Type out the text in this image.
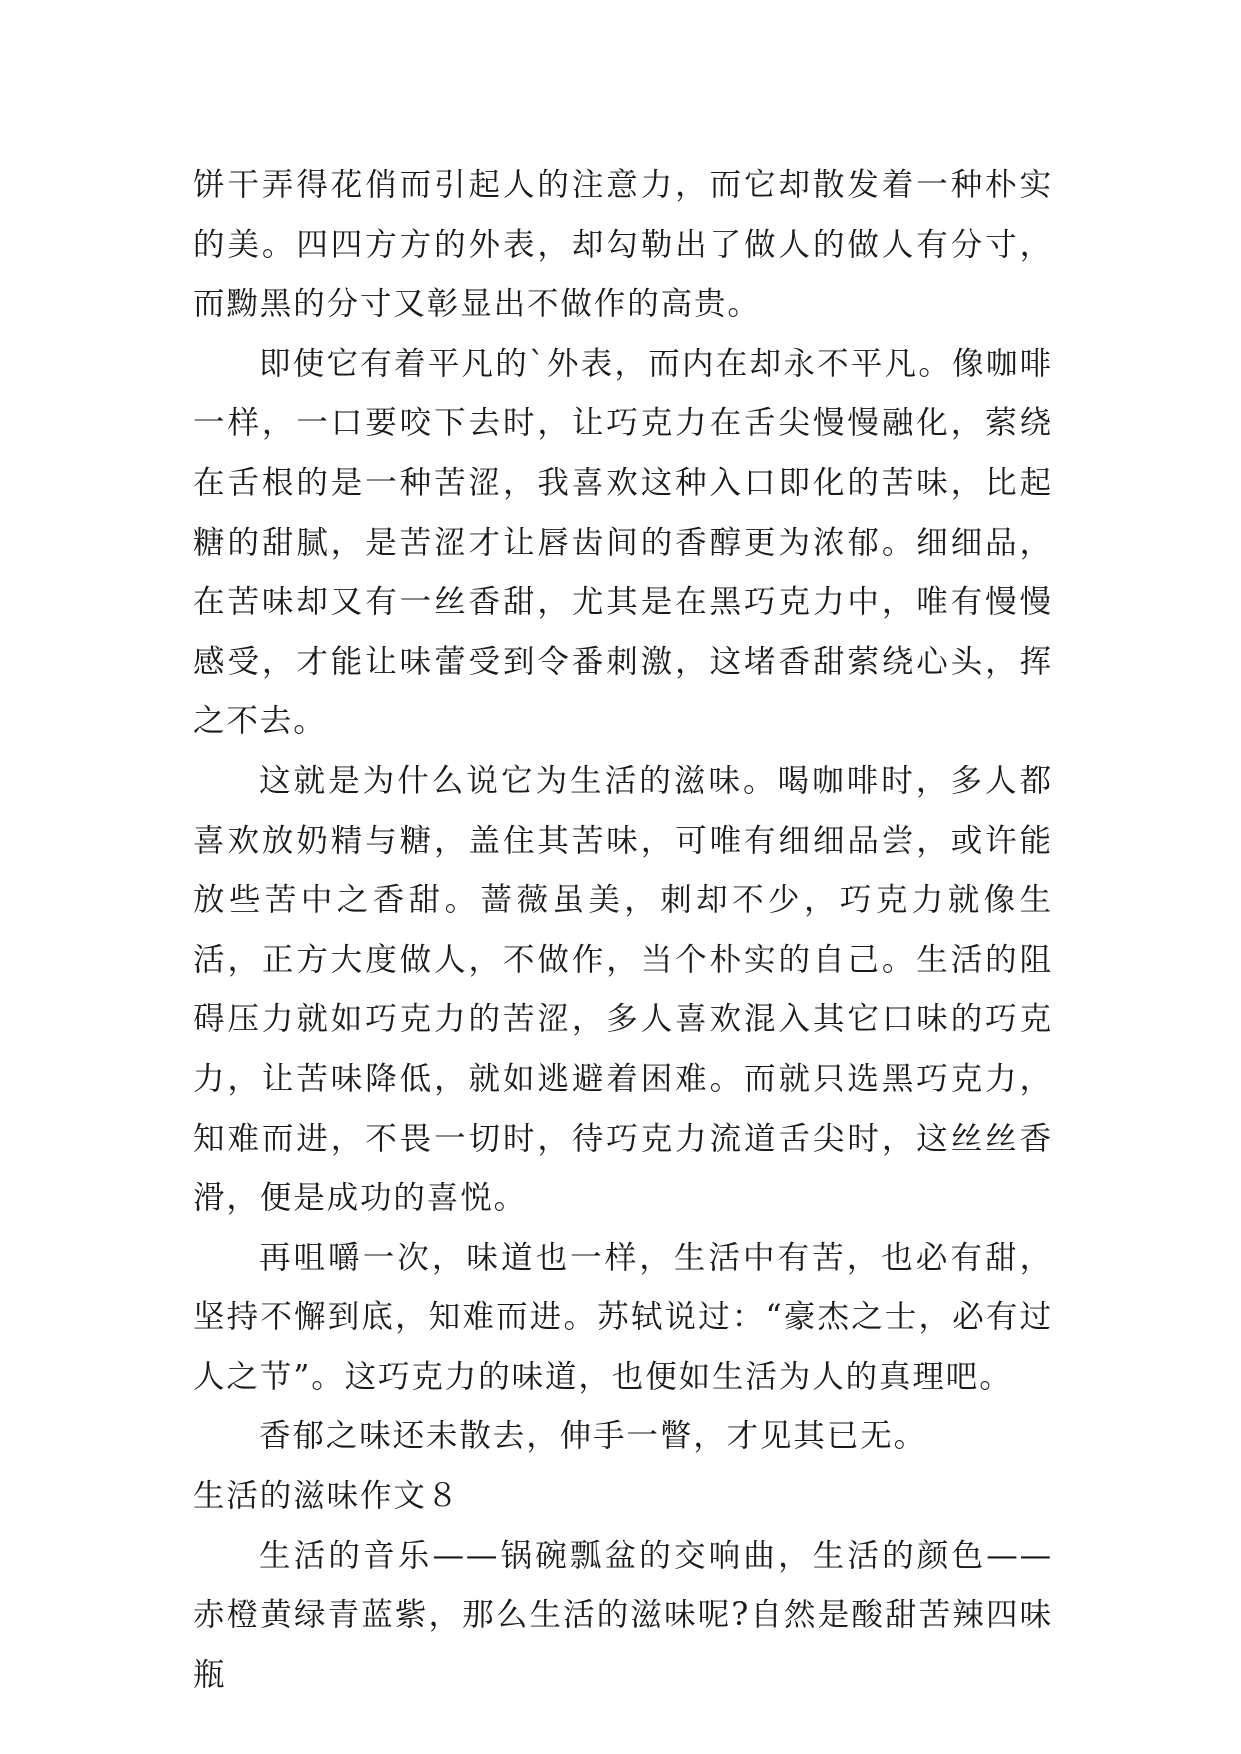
饼干弄得花俏而引起人的注意力，而它却散发着一种朴实的美。四四方方的外表，却勾勒出了做人的做人有分寸，而黝黑的分寸又彰显出不做作的高贵。

即使它有着平凡的`外表，而内在却永不平凡。像咖啡一样，一口要咬下去时，让巧克力在舌尖慢慢融化，萦绕在舌根的是一种苦涩，我喜欢这种入口即化的苦味，比起糖的甜腻，是苦涩才让唇齿间的香醇更为浓郁。细细品，在苦味却又有一丝香甜，尤其是在黑巧克力中，唯有慢慢感受，才能让味蕾受到令番刺激，这堵香甜萦绕心头，挥之不去。

这就是为什么说它为生活的滋味。喝咖啡时，多人都喜欢放奶精与糖，盖住其苦味，可唯有细细品尝，或许能放些苦中之香甜。蔷薇虽美，刺却不少，巧克力就像生活，正方大度做人，不做作，当个朴实的自己。生活的阻碍压力就如巧克力的苦涩，多人喜欢混入其它口味的巧克力，让苦味降低，就如逃避着困难。而就只选黑巧克力，知难而进，不畏一切时，待巧克力流道舌尖时，这丝丝香滑，便是成功的喜悦。

再咀嚼一次，味道也一样，生活中有苦，也必有甜，坚持不懈到底，知难而进。苏轼说过：“豪杰之士，必有过人之节”。这巧克力的味道，也便如生活为人的真理吧。

香郁之味还未散去，伸手一瞥，才见其已无。

生活的滋味作文８

生活的音乐——锅碗瓢盆的交响曲，生活的颜色——赤橙黄绿青蓝紫，那么生活的滋味呢?自然是酸甜苦辣四味瓶
